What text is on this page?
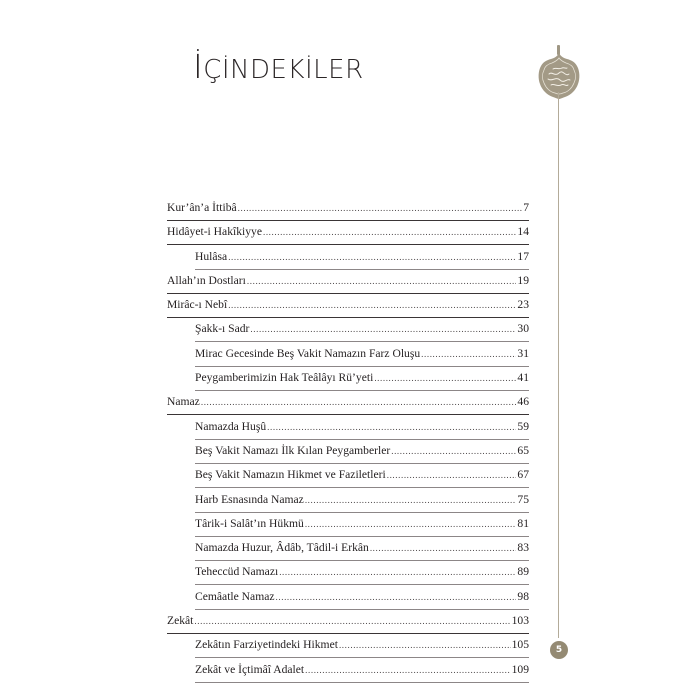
İÇİNDEKİLER
5
Kur’ân’a İttibâ .....	7
Hidâyet-i Hakîkiyye .....	14
Hulâsa .....	17
Allah’ın Dostları .....	19
Mirâc-ı Nebî .....	23
Şakk-ı Sadr .....	30
Mirac Gecesinde Beş Vakit Namazın Farz Oluşu .....	31
Peygamberimizin Hak Teâlâyı Rü’yeti .....	41
Namaz .....	46
Namazda Huşû .....	59
Beş Vakit Namazı İlk Kılan Peygamberler .....	65
Beş Vakit Namazın Hikmet ve Faziletleri .....	67
Harb Esnasında Namaz .....	75
Târik-i Salât’ın Hükmü .....	81
Namazda Huzur, Âdâb, Tâdil-i Erkân .....	83
Teheccüd Namazı .....	89
Cemâatle Namaz .....	98
Zekât .....	103
Zekâtın Farziyetindeki Hikmet .....	105
Zekât ve İçtimâî Adalet .....	109
